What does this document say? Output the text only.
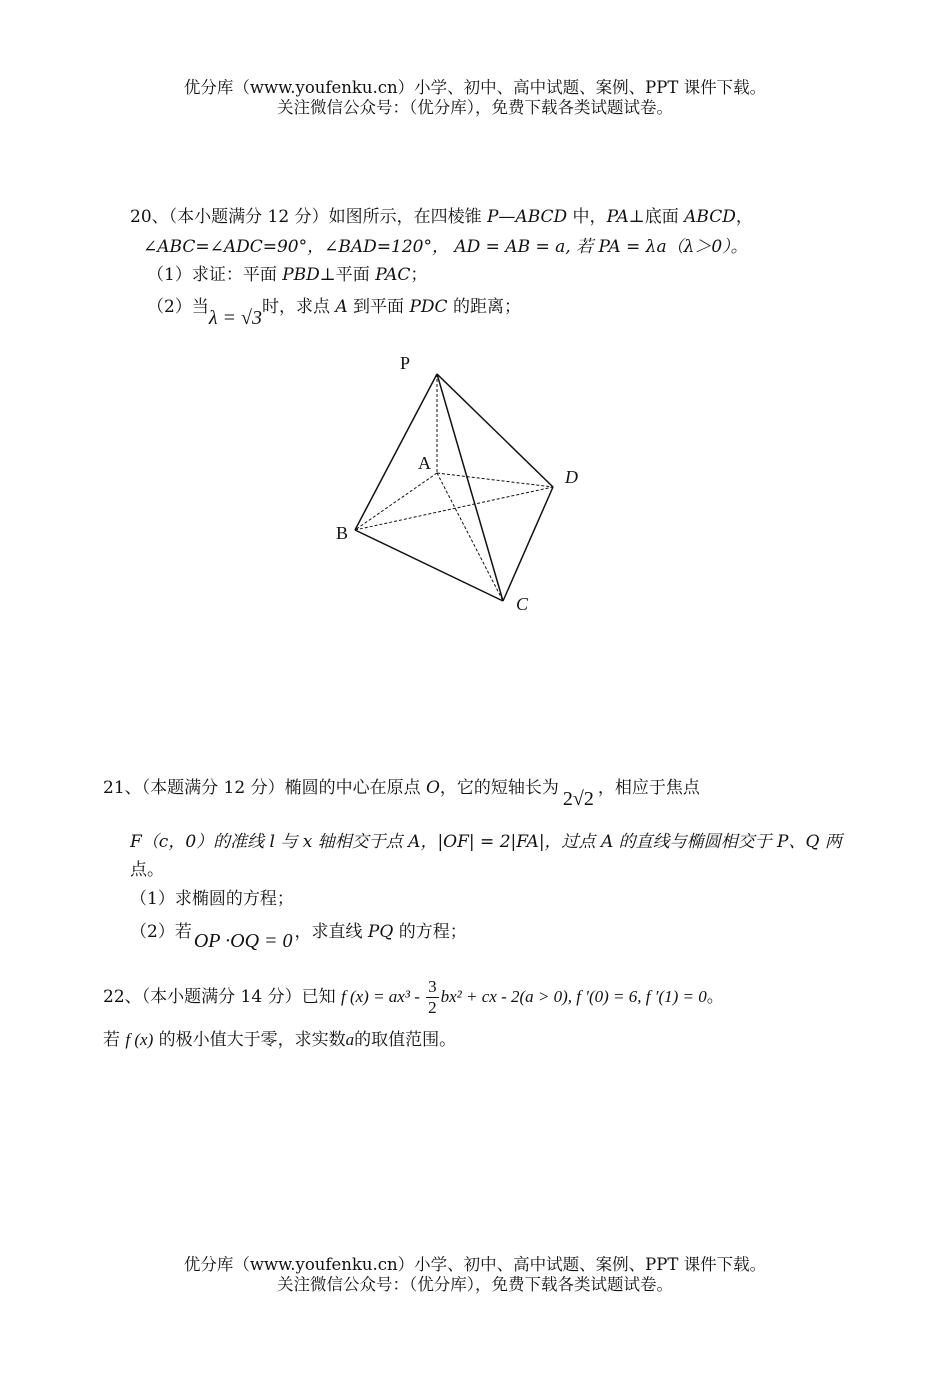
优分库（www.youfenku.cn）小学、初中、高中试题、案例、PPT 课件下载。
关注微信公众号：（优分库），免费下载各类试题试卷。
20、（本小题满分 12 分）如图所示，在四棱锥 P—ABCD 中，PA⊥底面 ABCD，
∠ABC=∠ADC=90°，∠BAD=120°， AD = AB = a, 若 PA = λa（λ＞0）。
（1）求证：平面 PBD⊥平面 PAC；
（2）当λ = √3时，求点 A 到平面 PDC 的距离；
P
A
B
C
D
21、（本题满分 12 分）椭圆的中心在原点 O，它的短轴长为 2√2 ，相应于焦点
F（c，0）的准线 l 与 x 轴相交于点 A，|OF| = 2|FA|，过点 A 的直线与椭圆相交于 P、Q 两
点。
（1）求椭圆的方程；
（2）若 OP ·OQ = 0 ，求直线 PQ 的方程；
22、（本小题满分 14 分）已知 f $(x) = ax^3 - \frac{3}{2} bx^2$ + cx - 2(a > 0), f ′(0) = 6, f ′(1) = 0。
若 f (x) 的极小值大于零，求实数a的取值范围。
优分库（www.youfenku.cn）小学、初中、高中试题、案例、PPT 课件下载。
关注微信公众号：（优分库），免费下载各类试题试卷。
